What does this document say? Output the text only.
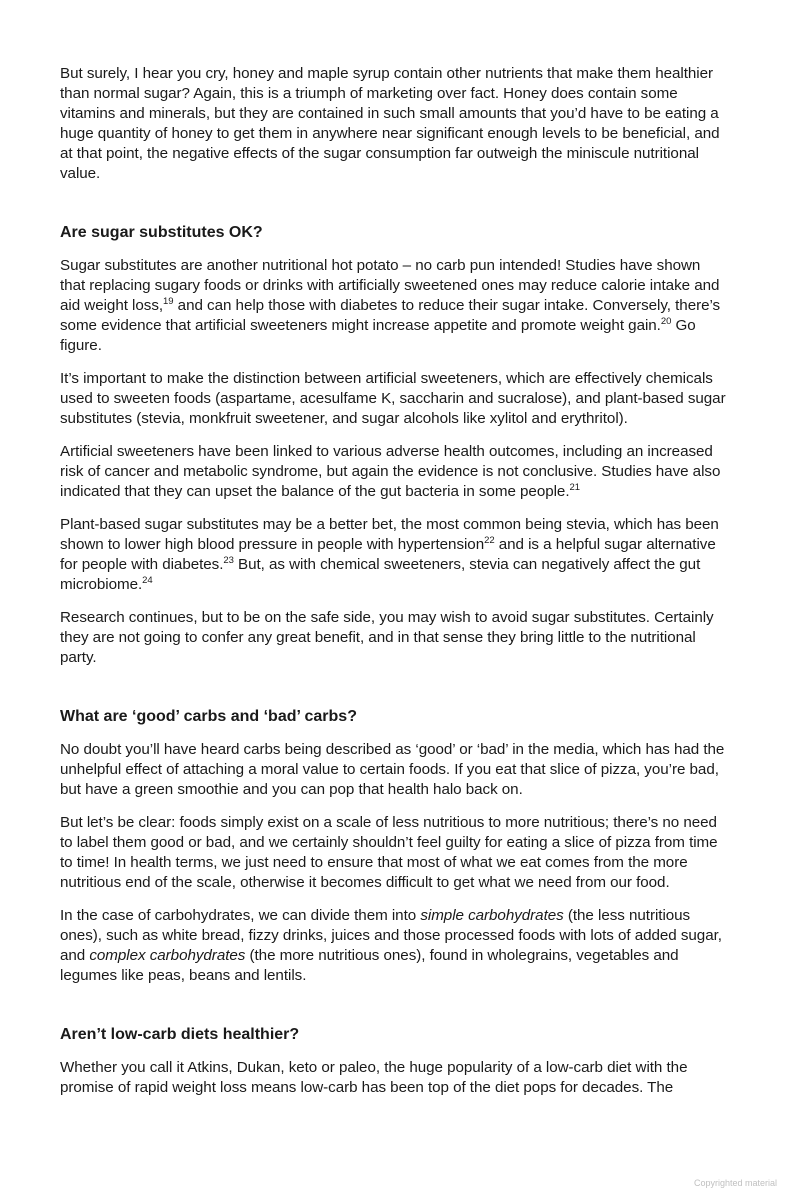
But surely, I hear you cry, honey and maple syrup contain other nutrients that make them healthier than normal sugar? Again, this is a triumph of marketing over fact. Honey does contain some vitamins and minerals, but they are contained in such small amounts that you’d have to be eating a huge quantity of honey to get them in anywhere near significant enough levels to be beneficial, and at that point, the negative effects of the sugar consumption far outweigh the miniscule nutritional value.

Are sugar substitutes OK?

Sugar substitutes are another nutritional hot potato – no carb pun intended! Studies have shown that replacing sugary foods or drinks with artificially sweetened ones may reduce calorie intake and aid weight loss,$^{19}$ and can help those with diabetes to reduce their sugar intake. Conversely, there’s some evidence that artificial sweeteners might increase appetite and promote weight gain.$^{20}$ Go figure.

It’s important to make the distinction between artificial sweeteners, which are effectively chemicals used to sweeten foods (aspartame, acesulfame K, saccharin and sucralose), and plant-based sugar substitutes (stevia, monkfruit sweetener, and sugar alcohols like xylitol and erythritol).

Artificial sweeteners have been linked to various adverse health outcomes, including an increased risk of cancer and metabolic syndrome, but again the evidence is not conclusive. Studies have also indicated that they can upset the balance of the gut bacteria in some people.$^{21}$

Plant-based sugar substitutes may be a better bet, the most common being stevia, which has been shown to lower high blood pressure in people with hypertension$^{22}$ and is a helpful sugar alternative for people with diabetes.$^{23}$ But, as with chemical sweeteners, stevia can negatively affect the gut microbiome.$^{24}$

Research continues, but to be on the safe side, you may wish to avoid sugar substitutes. Certainly they are not going to confer any great benefit, and in that sense they bring little to the nutritional party.

What are ‘good’ carbs and ‘bad’ carbs?

No doubt you’ll have heard carbs being described as ‘good’ or ‘bad’ in the media, which has had the unhelpful effect of attaching a moral value to certain foods. If you eat that slice of pizza, you’re bad, but have a green smoothie and you can pop that health halo back on.

But let’s be clear: foods simply exist on a scale of less nutritious to more nutritious; there’s no need to label them good or bad, and we certainly shouldn’t feel guilty for eating a slice of pizza from time to time! In health terms, we just need to ensure that most of what we eat comes from the more nutritious end of the scale, otherwise it becomes difficult to get what we need from our food.

In the case of carbohydrates, we can divide them into simple carbohydrates (the less nutritious ones), such as white bread, fizzy drinks, juices and those processed foods with lots of added sugar, and complex carbohydrates (the more nutritious ones), found in wholegrains, vegetables and legumes like peas, beans and lentils.

Aren’t low-carb diets healthier?

Whether you call it Atkins, Dukan, keto or paleo, the huge popularity of a low-carb diet with the promise of rapid weight loss means low-carb has been top of the diet pops for decades. The

Copyrighted material
